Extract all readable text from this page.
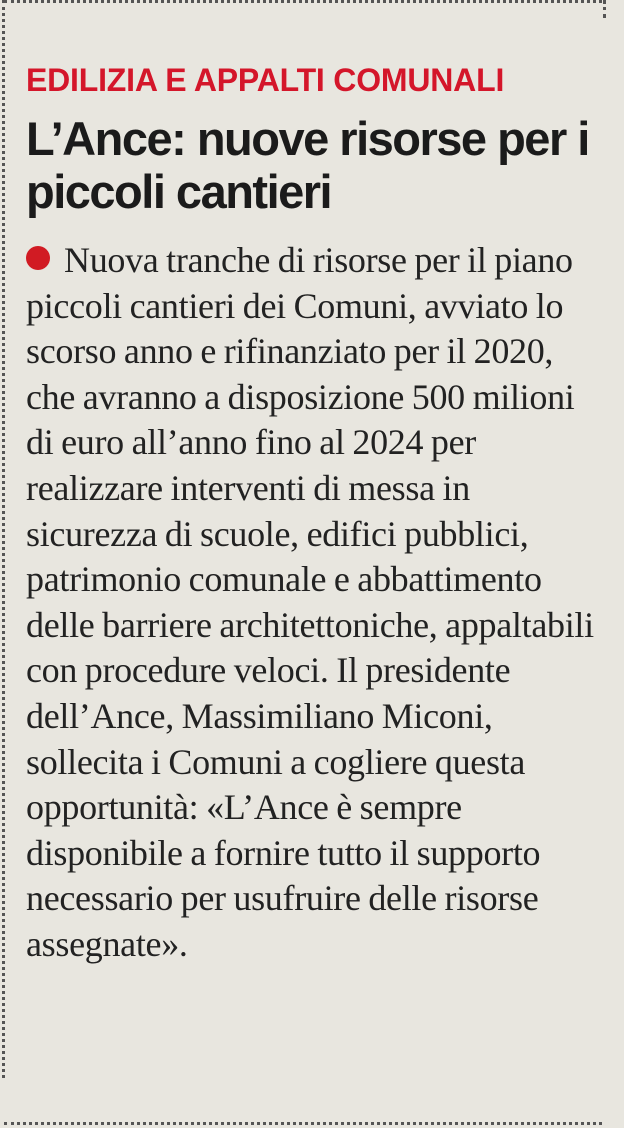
EDILIZIA E APPALTI COMUNALI
L’Ance: nuove risorse per i piccoli cantieri
Nuova tranche di risorse per il piano piccoli cantieri dei Comuni, avviato lo scorso anno e rifinanziato per il 2020, che avranno a disposizione 500 milioni di euro all’anno fino al 2024 per realizzare interventi di messa in sicurezza di scuole, edifici pubblici, patrimonio comunale e abbattimento delle barriere architettoniche, appaltabili con procedure veloci. Il presidente dell’Ance, Massimiliano Miconi, sollecita i Comuni a cogliere questa opportunità: «L’Ance è sempre disponibile a fornire tutto il supporto necessario per usufruire delle risorse assegnate».
